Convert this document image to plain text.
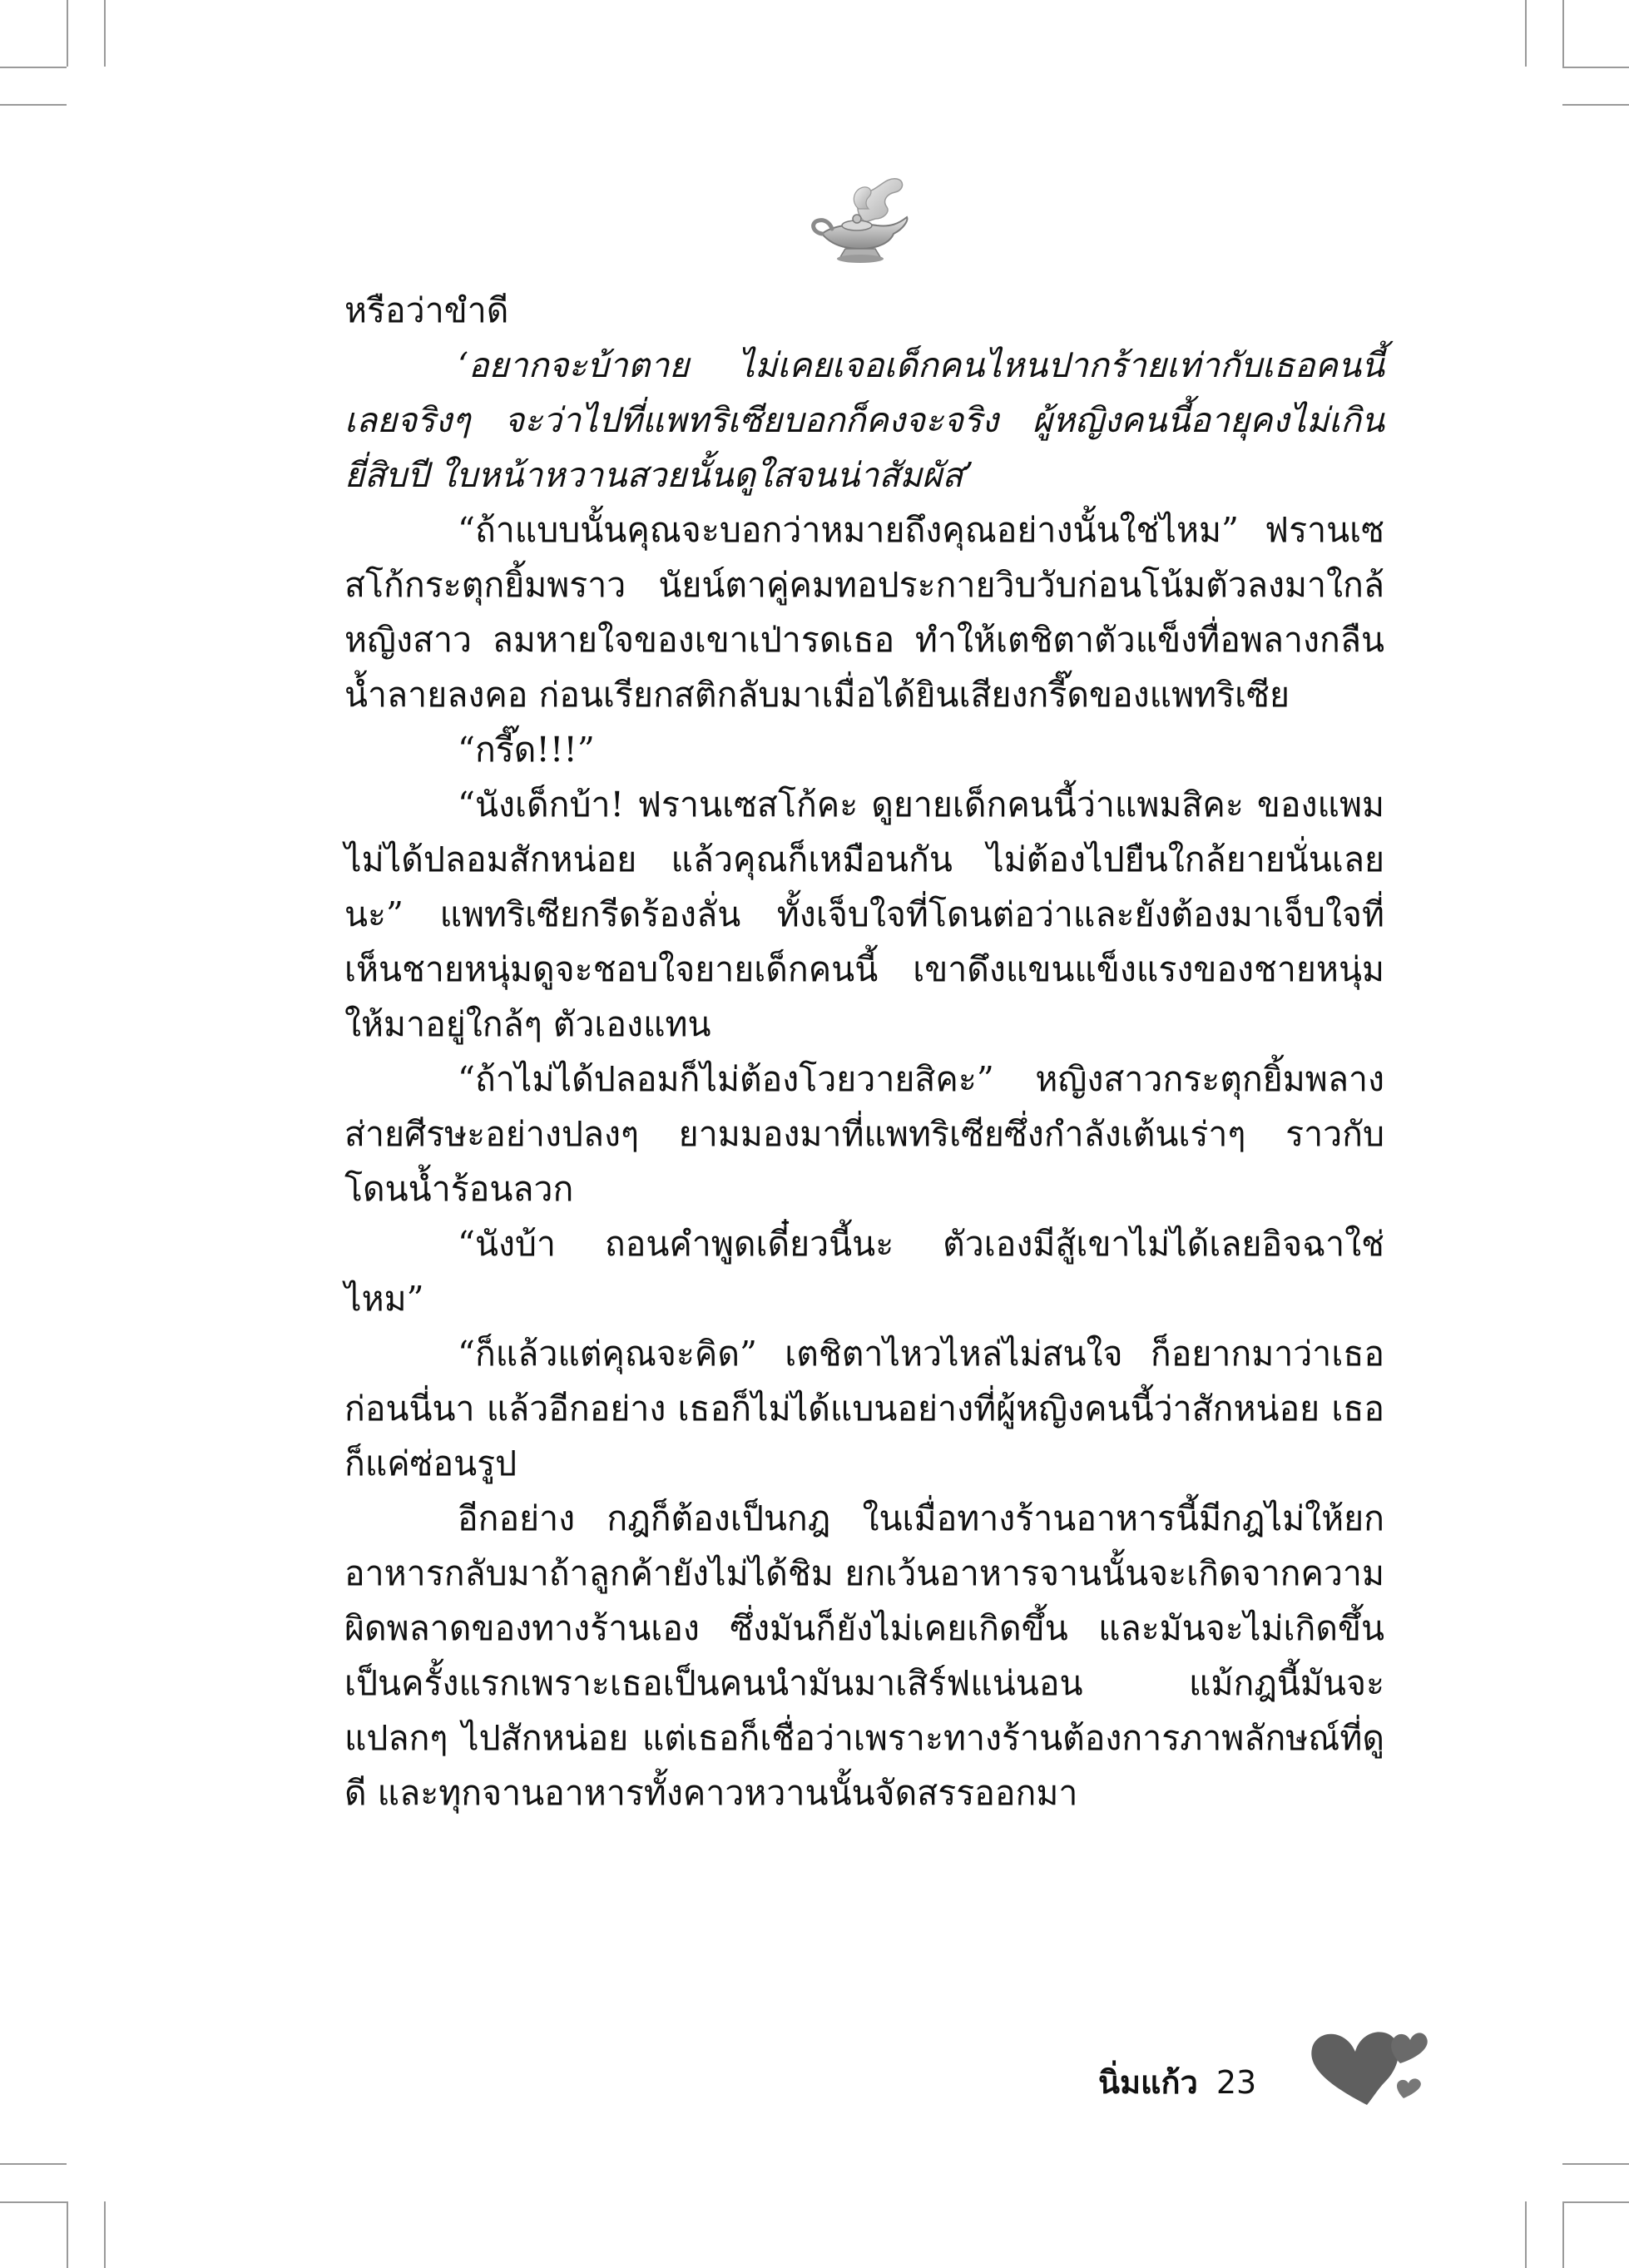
หรือว่าขำดี

‘อยากจะบ้าตาย ไม่เคยเจอเด็กคนไหนปากร้ายเท่ากับเธอคนนี้เลยจริงๆ จะว่าไปที่แพทริเซียบอกก็คงจะจริง ผู้หญิงคนนี้อายุคงไม่เกินยี่สิบปี ใบหน้าหวานสวยนั้นดูใสจนน่าสัมผัส’

“ถ้าแบบนั้นคุณจะบอกว่าหมายถึงคุณอย่างนั้นใช่ไหม” ฟรานเซสโก้กระตุกยิ้มพราว นัยน์ตาคู่คมทอประกายวิบวับก่อนโน้มตัวลงมาใกล้หญิงสาว ลมหายใจของเขาเป่ารดเธอ ทำให้เตชิตาตัวแข็งทื่อพลางกลืนน้ำลายลงคอ ก่อนเรียกสติกลับมาเมื่อได้ยินเสียงกรี๊ดของแพทริเซีย

“กรี๊ด!!!”

“นังเด็กบ้า! ฟรานเซสโก้คะ ดูยายเด็กคนนี้ว่าแพมสิคะ ของแพมไม่ได้ปลอมสักหน่อย แล้วคุณก็เหมือนกัน ไม่ต้องไปยืนใกล้ยายนั่นเลยนะ” แพทริเซียกรีดร้องลั่น ทั้งเจ็บใจที่โดนต่อว่าและยังต้องมาเจ็บใจที่เห็นชายหนุ่มดูจะชอบใจยายเด็กคนนี้ เขาดึงแขนแข็งแรงของชายหนุ่มให้มาอยู่ใกล้ๆ ตัวเองแทน

“ถ้าไม่ได้ปลอมก็ไม่ต้องโวยวายสิคะ” หญิงสาวกระตุกยิ้มพลางส่ายศีรษะอย่างปลงๆ ยามมองมาที่แพทริเซียซึ่งกำลังเต้นเร่าๆ ราวกับโดนน้ำร้อนลวก

“นังบ้า ถอนคำพูดเดี๋ยวนี้นะ ตัวเองมีสู้เขาไม่ได้เลยอิจฉาใช่ไหม”

“ก็แล้วแต่คุณจะคิด” เตชิตาไหวไหล่ไม่สนใจ ก็อยากมาว่าเธอก่อนนี่นา แล้วอีกอย่าง เธอก็ไม่ได้แบนอย่างที่ผู้หญิงคนนี้ว่าสักหน่อย เธอก็แค่ซ่อนรูป

อีกอย่าง กฎก็ต้องเป็นกฎ ในเมื่อทางร้านอาหารนี้มีกฎไม่ให้ยกอาหารกลับมาถ้าลูกค้ายังไม่ได้ชิม ยกเว้นอาหารจานนั้นจะเกิดจากความผิดพลาดของทางร้านเอง ซึ่งมันก็ยังไม่เคยเกิดขึ้น และมันจะไม่เกิดขึ้นเป็นครั้งแรกเพราะเธอเป็นคนนำมันมาเสิร์ฟแน่นอน แม้กฎนี้มันจะแปลกๆ ไปสักหน่อย แต่เธอก็เชื่อว่าเพราะทางร้านต้องการภาพลักษณ์ที่ดูดี และทุกจานอาหารทั้งคาวหวานนั้นจัดสรรออกมา

นิ่มแก้ว 23
